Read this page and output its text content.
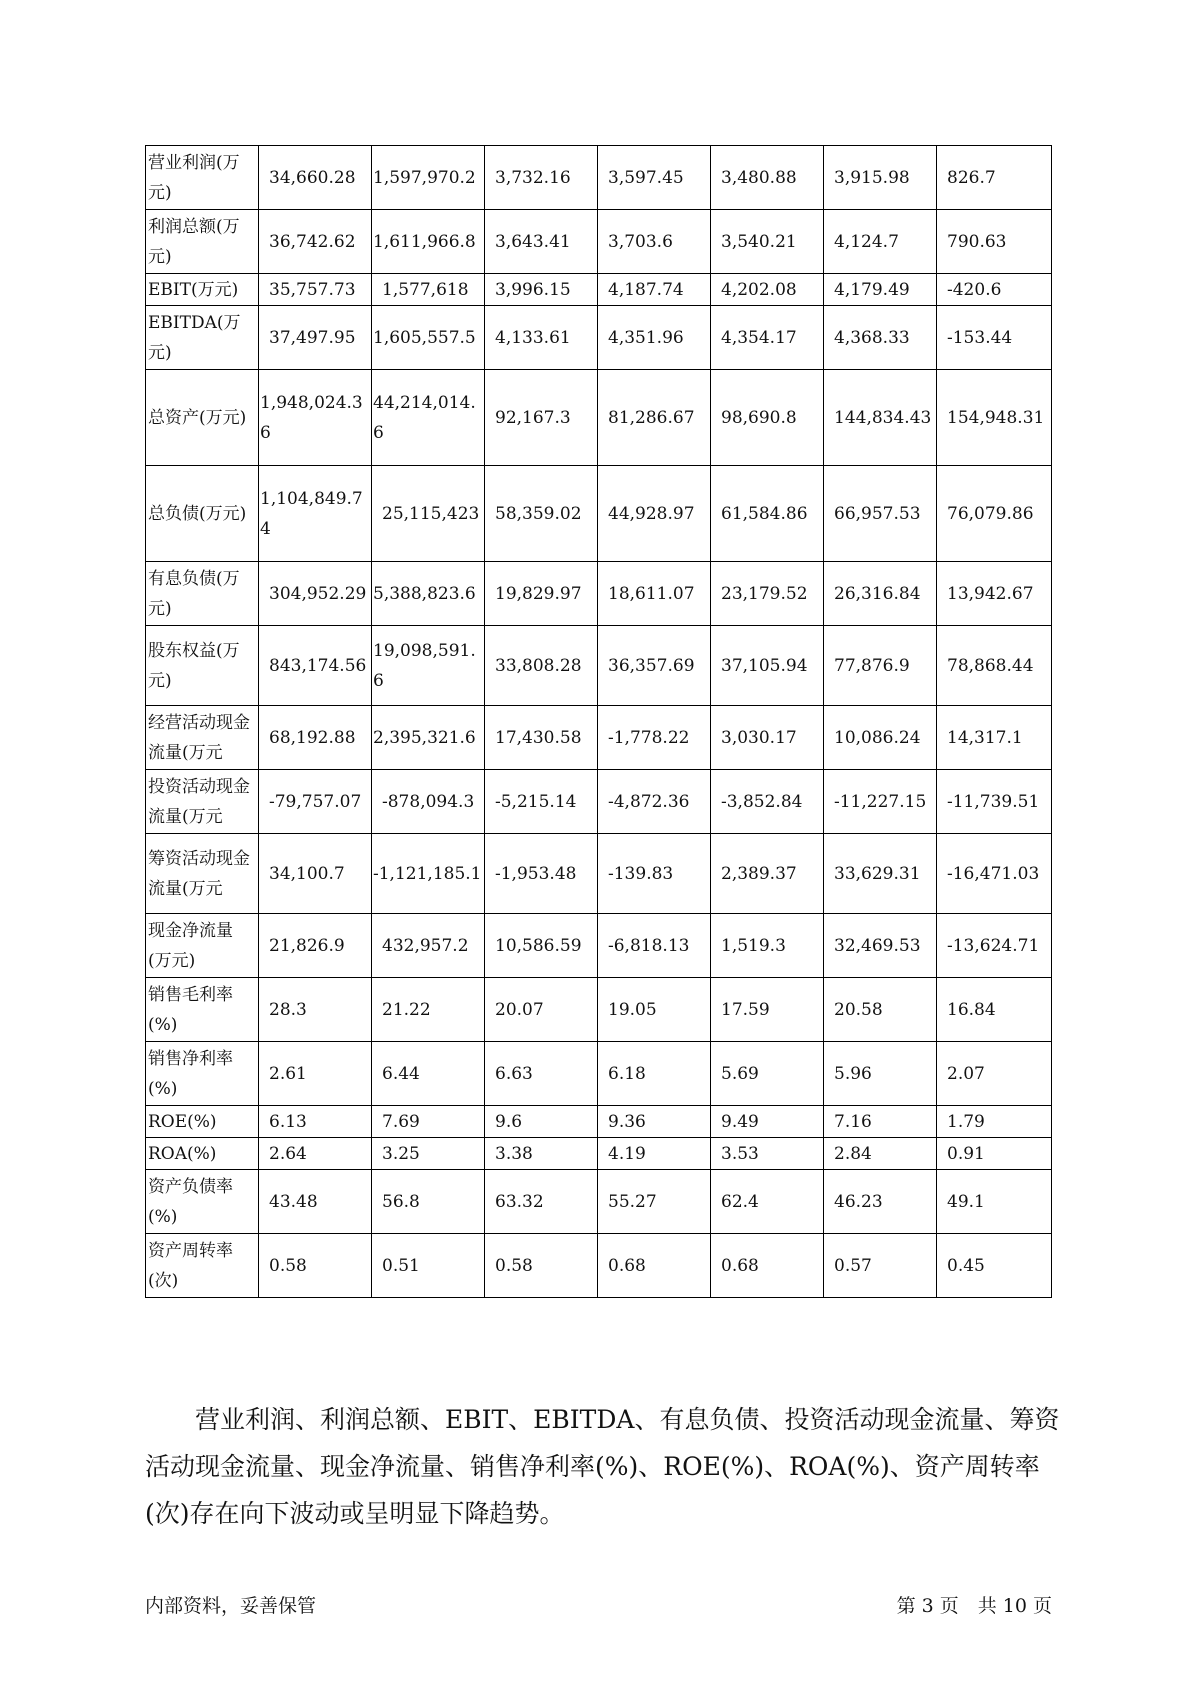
营业利润(万元)	34,660.28	1,597,970.2	3,732.16	3,597.45	3,480.88	3,915.98	826.7
利润总额(万元)	36,742.62	1,611,966.8	3,643.41	3,703.6	3,540.21	4,124.7	790.63
EBIT(万元)	35,757.73	1,577,618	3,996.15	4,187.74	4,202.08	4,179.49	-420.6
EBITDA(万元)	37,497.95	1,605,557.5	4,133.61	4,351.96	4,354.17	4,368.33	-153.44
总资产(万元)	1,948,024.36	44,214,014.6	92,167.3	81,286.67	98,690.8	144,834.43	154,948.31
总负债(万元)	1,104,849.74	25,115,423	58,359.02	44,928.97	61,584.86	66,957.53	76,079.86
有息负债(万元)	304,952.29	5,388,823.6	19,829.97	18,611.07	23,179.52	26,316.84	13,942.67
股东权益(万元)	843,174.56	19,098,591.6	33,808.28	36,357.69	37,105.94	77,876.9	78,868.44
经营活动现金流量(万元	68,192.88	2,395,321.6	17,430.58	-1,778.22	3,030.17	10,086.24	14,317.1
投资活动现金流量(万元	-79,757.07	-878,094.3	-5,215.14	-4,872.36	-3,852.84	-11,227.15	-11,739.51
筹资活动现金流量(万元	34,100.7	-1,121,185.1	-1,953.48	-139.83	2,389.37	33,629.31	-16,471.03
现金净流量(万元)	21,826.9	432,957.2	10,586.59	-6,818.13	1,519.3	32,469.53	-13,624.71
销售毛利率(%)	28.3	21.22	20.07	19.05	17.59	20.58	16.84
销售净利率(%)	2.61	6.44	6.63	6.18	5.69	5.96	2.07
ROE(%)	6.13	7.69	9.6	9.36	9.49	7.16	1.79
ROA(%)	2.64	3.25	3.38	4.19	3.53	2.84	0.91
资产负债率(%)	43.48	56.8	63.32	55.27	62.4	46.23	49.1
资产周转率(次)	0.58	0.51	0.58	0.68	0.68	0.57	0.45

营业利润、利润总额、EBIT、EBITDA、有息负债、投资活动现金流量、筹资活动现金流量、现金净流量、销售净利率(%)、ROE(%)、ROA(%)、资产周转率(次)存在向下波动或呈明显下降趋势。

内部资料，妥善保管	第 3 页　共 10 页
